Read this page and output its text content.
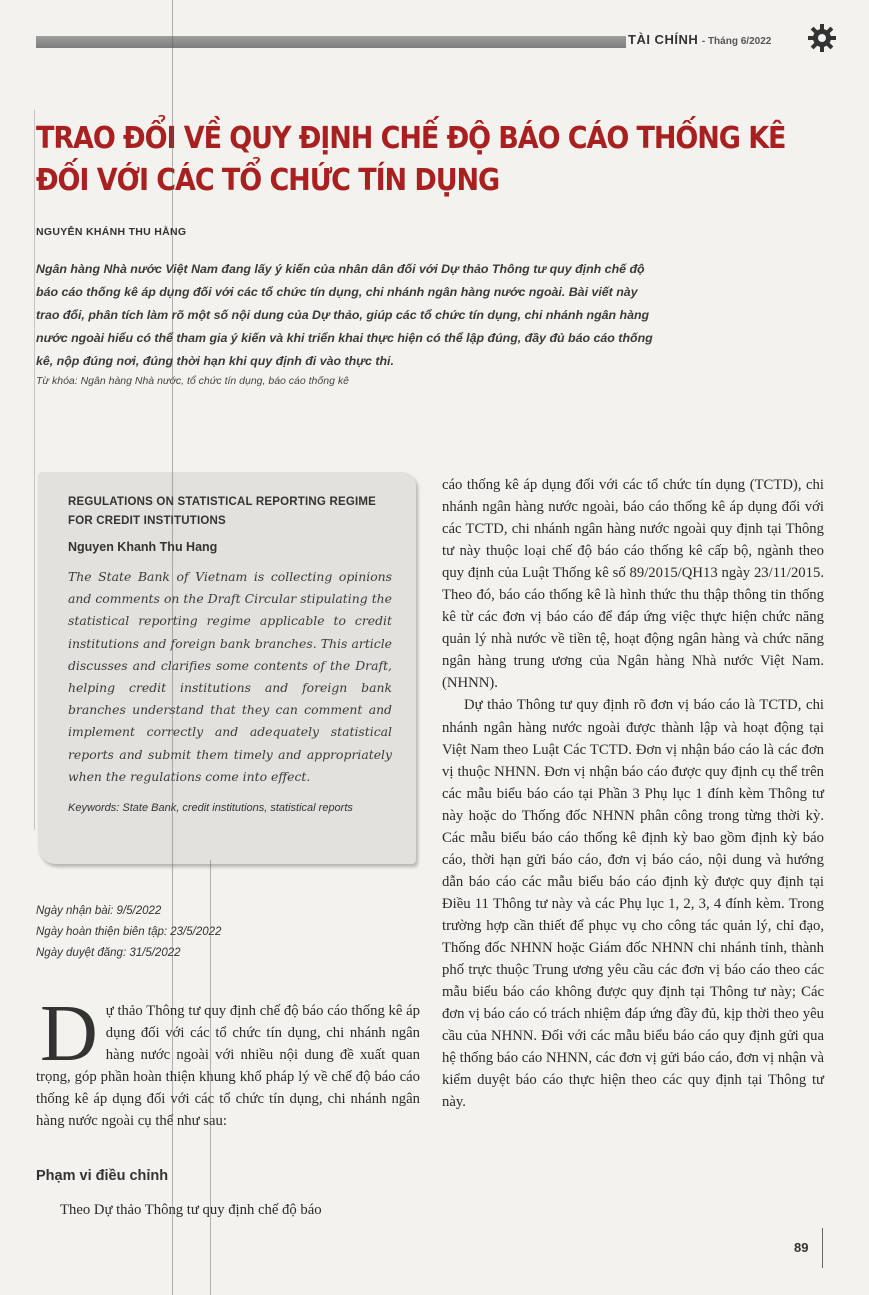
TÀI CHÍNH - Tháng 6/2022
TRAO ĐỔI VỀ QUY ĐỊNH CHẾ ĐỘ BÁO CÁO THỐNG KÊ
ĐỐI VỚI CÁC TỔ CHỨC TÍN DỤNG
NGUYỄN KHÁNH THU HẰNG
Ngân hàng Nhà nước Việt Nam đang lấy ý kiến của nhân dân đối với Dự thảo Thông tư quy định chế độ báo cáo thống kê áp dụng đối với các tổ chức tín dụng, chi nhánh ngân hàng nước ngoài. Bài viết này trao đổi, phân tích làm rõ một số nội dung của Dự thảo, giúp các tổ chức tín dụng, chi nhánh ngân hàng nước ngoài hiểu có thể tham gia ý kiến và khi triển khai thực hiện có thể lập đúng, đầy đủ báo cáo thống kê, nộp đúng nơi, đúng thời hạn khi quy định đi vào thực thi.
Từ khóa: Ngân hàng Nhà nước, tổ chức tín dụng, báo cáo thống kê
REGULATIONS ON STATISTICAL REPORTING REGIME FOR CREDIT INSTITUTIONS
Nguyen Khanh Thu Hang
The State Bank of Vietnam is collecting opinions and comments on the Draft Circular stipulating the statistical reporting regime applicable to credit institutions and foreign bank branches. This article discusses and clarifies some contents of the Draft, helping credit institutions and foreign bank branches understand that they can comment and implement correctly and adequately statistical reports and submit them timely and appropriately when the regulations come into effect.
Keywords: State Bank, credit institutions, statistical reports
Ngày nhận bài: 9/5/2022
Ngày hoàn thiện biên tập: 23/5/2022
Ngày duyệt đăng: 31/5/2022
D ự thảo Thông tư quy định chế độ báo cáo thống kê áp dụng đối với các tổ chức tín dụng, chi nhánh ngân hàng nước ngoài với nhiều nội dung đề xuất quan trọng, góp phần hoàn thiện khung khổ pháp lý về chế độ báo cáo thống kê áp dụng đối với các tổ chức tín dụng, chi nhánh ngân hàng nước ngoài cụ thể như sau:
Phạm vi điều chỉnh
Theo Dự thảo Thông tư quy định chế độ báo

cáo thống kê áp dụng đối với các tổ chức tín dụng (TCTD), chi nhánh ngân hàng nước ngoài, báo cáo thống kê áp dụng đối với các TCTD, chi nhánh ngân hàng nước ngoài quy định tại Thông tư này thuộc loại chế độ báo cáo thống kê cấp bộ, ngành theo quy định của Luật Thống kê số 89/2015/QH13 ngày 23/11/2015. Theo đó, báo cáo thống kê là hình thức thu thập thông tin thống kê từ các đơn vị báo cáo để đáp ứng việc thực hiện chức năng quản lý nhà nước về tiền tệ, hoạt động ngân hàng và chức năng ngân hàng trung ương của Ngân hàng Nhà nước Việt Nam. (NHNN).

Dự thảo Thông tư quy định rõ đơn vị báo cáo là TCTD, chi nhánh ngân hàng nước ngoài được thành lập và hoạt động tại Việt Nam theo Luật Các TCTD. Đơn vị nhận báo cáo là các đơn vị thuộc NHNN. Đơn vị nhận báo cáo được quy định cụ thể trên các mẫu biểu báo cáo tại Phần 3 Phụ lục 1 đính kèm Thông tư này hoặc do Thống đốc NHNN phân công trong từng thời kỳ. Các mẫu biểu báo cáo thống kê định kỳ bao gồm định kỳ báo cáo, thời hạn gửi báo cáo, đơn vị báo cáo, nội dung và hướng dẫn báo cáo các mẫu biểu báo cáo định kỳ được quy định tại Điều 11 Thông tư này và các Phụ lục 1, 2, 3, 4 đính kèm. Trong trường hợp cần thiết để phục vụ cho công tác quản lý, chỉ đạo, Thống đốc NHNN hoặc Giám đốc NHNN chi nhánh tỉnh, thành phố trực thuộc Trung ương yêu cầu các đơn vị báo cáo theo các mẫu biểu báo cáo không được quy định tại Thông tư này; Các đơn vị báo cáo có trách nhiệm đáp ứng đầy đủ, kịp thời theo yêu cầu của NHNN. Đối với các mẫu biểu báo cáo quy định gửi qua hệ thống báo cáo NHNN, các đơn vị gửi báo cáo, đơn vị nhận và kiểm duyệt báo cáo thực hiện theo các quy định tại Thông tư này.

89
